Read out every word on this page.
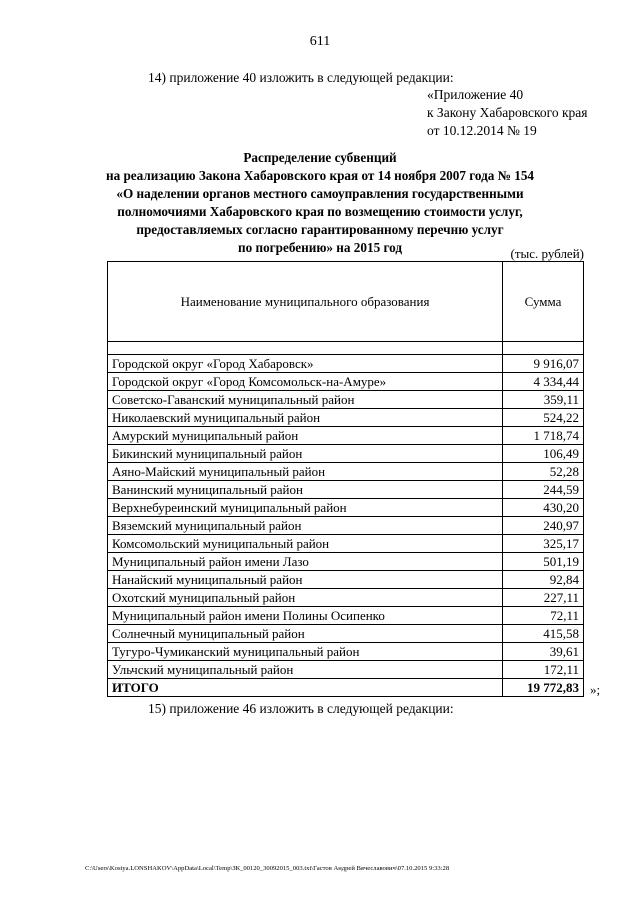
611
14) приложение 40 изложить в следующей редакции:
«Приложение 40
к Закону Хабаровского края
от 10.12.2014 № 19
Распределение субвенций
на реализацию Закона Хабаровского края от 14 ноября 2007 года № 154
«О наделении органов местного самоуправления государственными
полномочиями Хабаровского края по возмещению стоимости услуг,
предоставляемых согласно гарантированному перечню услуг
по погребению» на 2015 год	(тыс. рублей)
Наименование муниципального образования	Сумма

Городской округ «Город Хабаровск»	9 916,07
Городской округ «Город Комсомольск-на-Амуре»	4 334,44
Советско-Гаванский муниципальный район	359,11
Николаевский муниципальный район	524,22
Амурский муниципальный район	1 718,74
Бикинский муниципальный район	106,49
Аяно-Майский муниципальный район	52,28
Ванинский муниципальный район	244,59
Верхнебуреинский муниципальный район	430,20
Вяземский муниципальный район	240,97
Комсомольский муниципальный район	325,17
Муниципальный район имени Лазо	501,19
Нанайский муниципальный район	92,84
Охотский муниципальный район	227,11
Муниципальный район имени Полины Осипенко	72,11
Солнечный муниципальный район	415,58
Тугуро-Чумиканский муниципальный район	39,61
Ульчский муниципальный район	172,11
ИТОГО	19 772,83 »;
15) приложение 46 изложить в следующей редакции:
C:\Users\Kostya.LONSHAKOV\AppData\Local\Temp\ЗК_00120_30092015_003.txt\Гастов Андрей Вячеславович\07.10.2015 9:33:28
